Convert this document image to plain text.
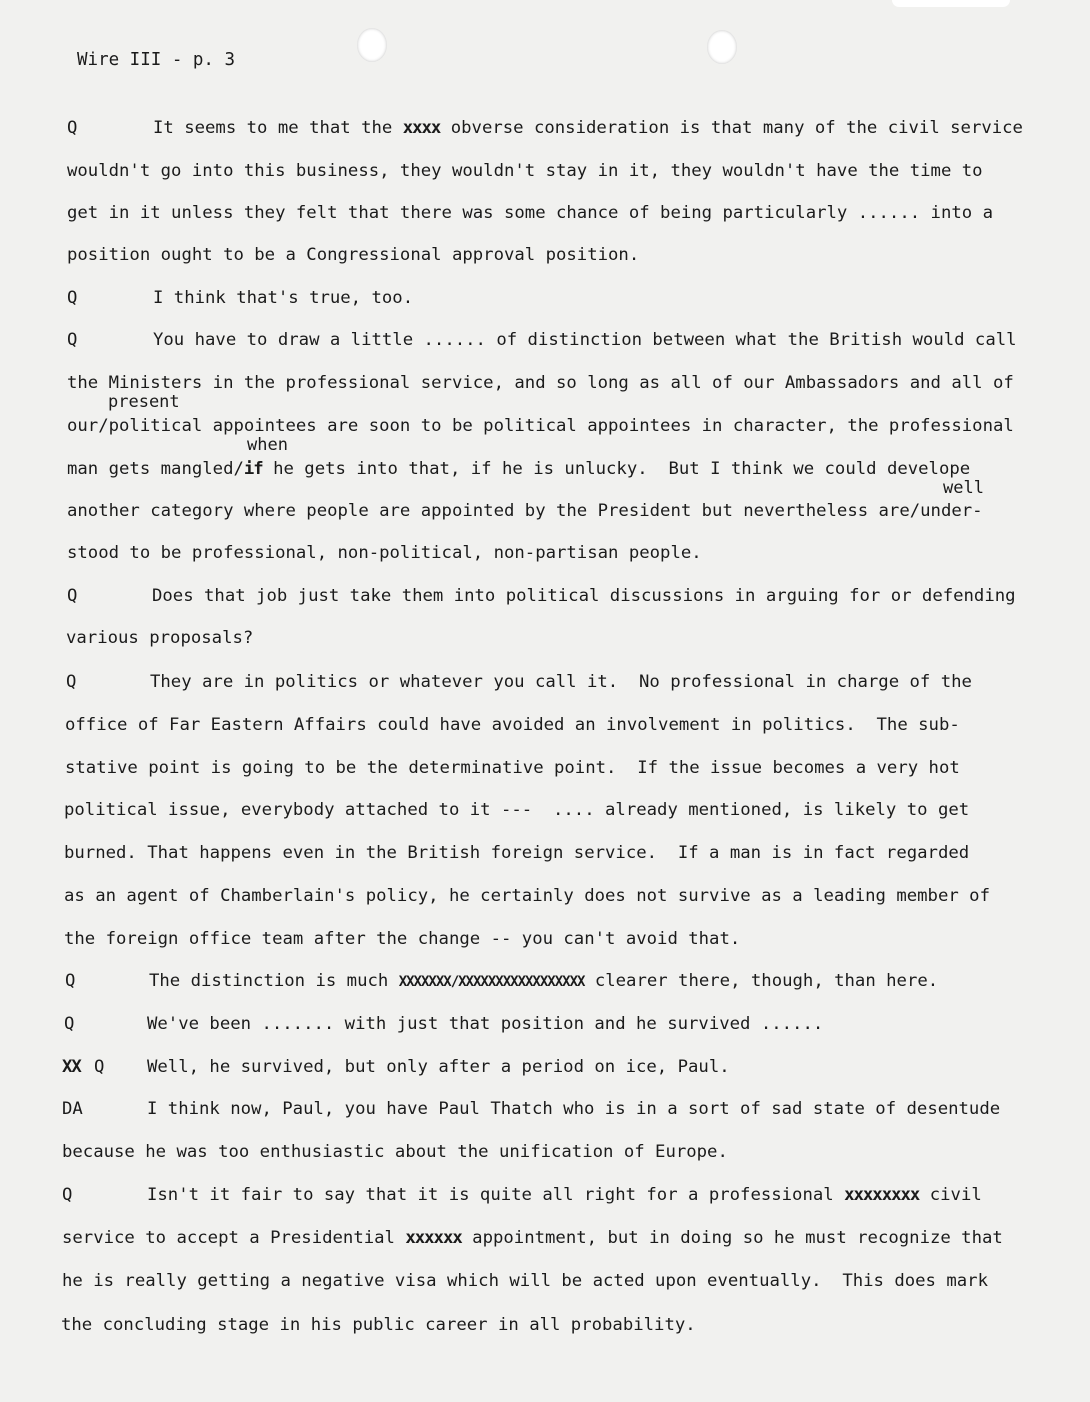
Wire III - p. 3
Q	It seems to me that the xxxx obverse consideration is that many of the civil service
wouldn't go into this business, they wouldn't stay in it, they wouldn't have the time to
get in it unless they felt that there was some chance of being particularly ...... into a
position ought to be a Congressional approval position.
Q	I think that's true, too.
Q	You have to draw a little ...... of distinction between what the British would call
the Ministers in the professional service, and so long as all of our Ambassadors and all of
present
our/political appointees are soon to be political appointees in character, the professional
when
man gets mangled/if he gets into that, if he is unlucky.  But I think we could develope
well
another category where people are appointed by the President but nevertheless are/under-
stood to be professional, non-political, non-partisan people.
Q	Does that job just take them into political discussions in arguing for or defending
various proposals?
Q	They are in politics or whatever you call it.  No professional in charge of the
office of Far Eastern Affairs could have avoided an involvement in politics.  The sub-
stative point is going to be the determinative point.  If the issue becomes a very hot
political issue, everybody attached to it ---  .... already mentioned, is likely to get
burned. That happens even in the British foreign service.  If a man is in fact regarded
as an agent of Chamberlain's policy, he certainly does not survive as a leading member of
the foreign office team after the change -- you can't avoid that.
Q	The distinction is much XXXXXXX/XXXXXXXXXXXXXXXXX clearer there, though, than here.
Q	We've been ....... with just that position and he survived ......
XX Q Well, he survived, but only after a period on ice, Paul.
DA	I think now, Paul, you have Paul Thatch who is in a sort of sad state of desentude
because he was too enthusiastic about the unification of Europe.
Q	Isn't it fair to say that it is quite all right for a professional xxxxxxxx civil
service to accept a Presidential xxxxxx appointment, but in doing so he must recognize that
he is really getting a negative visa which will be acted upon eventually.  This does mark
the concluding stage in his public career in all probability.
